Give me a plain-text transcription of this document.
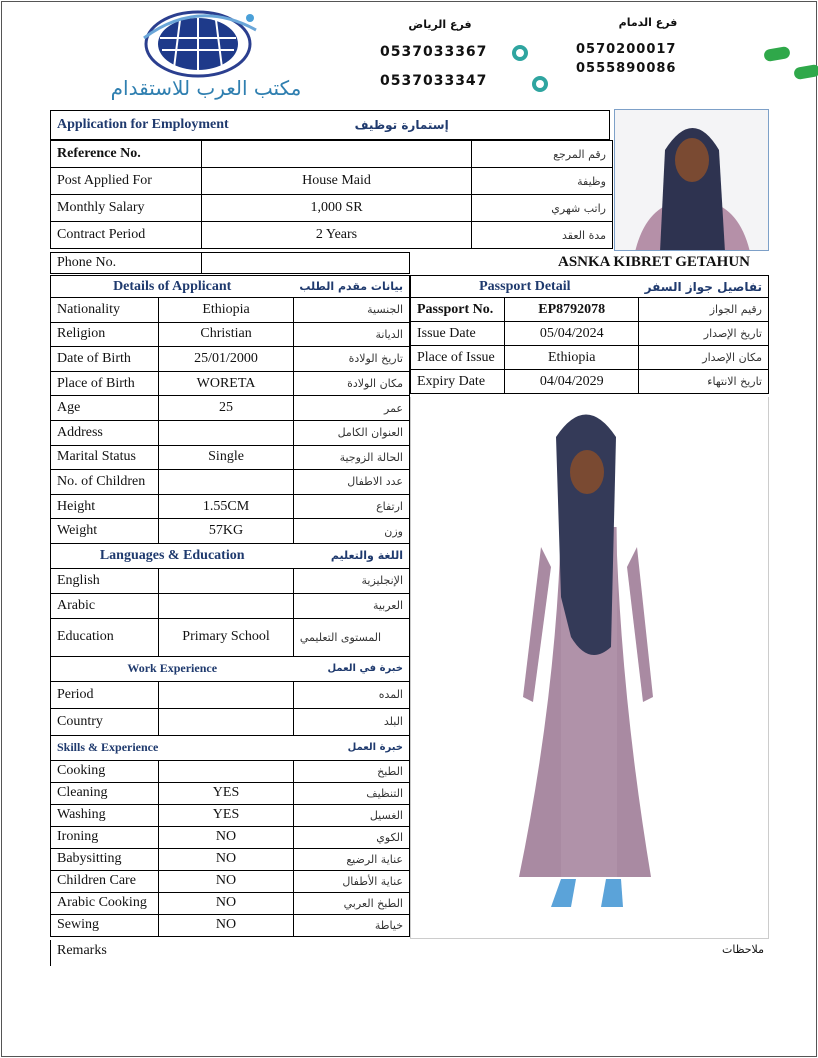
مكتب العرب للاستقدام
فرع الرياض
0537033367

0537033347

فرع الدمام
0570200017

0555890086
Application for Employment	إستمارة توظيف
Reference No.		رقم المرجع
Post Applied For	House Maid	وظيفة
Monthly Salary	1,000 SR	راتب شهري
Contract Period	2 Years	مدة العقد
Phone No.		ASNKA KIBRET GETAHUN
Details of Applicant		بيانات مقدم الطلب
Nationality	Ethiopia	الجنسية
Religion	Christian	الديانة
Date of Birth	25/01/2000	تاريخ الولادة
Place of Birth	WORETA	مكان الولادة
Age	25	عمر
Address		العنوان الكامل
Marital Status	Single	الحالة الزوجية
No. of Children		عدد الاطفال
Height	1.55CM	ارتفاع
Weight	57KG	وزن
Languages & Education		اللغة والتعليم
English		الإنجليزية
Arabic		العربية
Education	Primary School	المستوى التعليمي
Work Experience		خبرة في العمل
Period		المده
Country		البلد
Skills & Experience		خبرة العمل
Cooking		الطبخ
Cleaning	YES	التنظيف
Washing	YES	الغسيل
Ironing	NO	الكوي
Babysitting	NO	عناية الرضيع
Children Care	NO	عناية الأطفال
Arabic Cooking	NO	الطبخ العربي
Sewing	NO	خياطة
Passport Detail		تفاصيل جواز السفر
Passport No.	EP8792078	رقيم الجواز
Issue Date	05/04/2024	تاريخ الإصدار
Place of Issue	Ethiopia	مكان الإصدار
Expiry Date	04/04/2029	تاريخ الانتهاء
Remarks	ملاحظات
